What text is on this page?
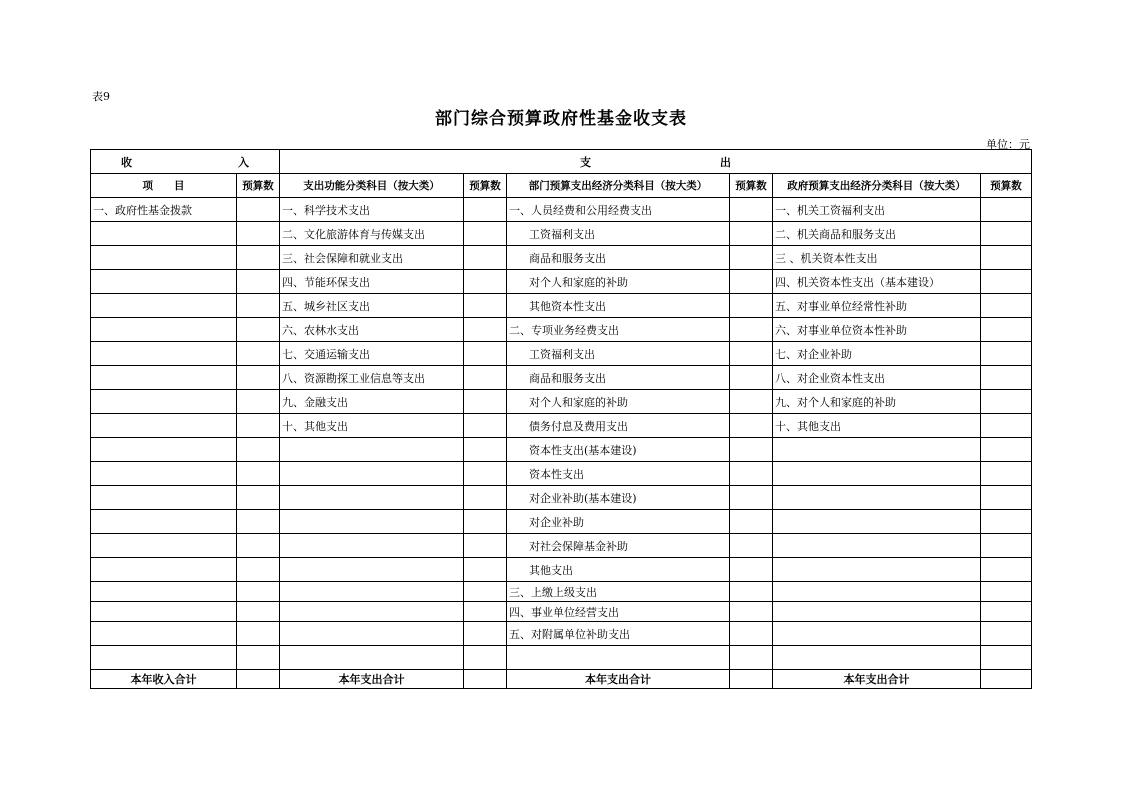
表9
部门综合预算政府性基金收支表
单位：元
收 入		支 出					

项　　目	预算数	支出功能分类科目（按大类）	预算数	部门预算支出经济分类科目（按大类）	预算数	政府预算支出经济分类科目（按大类）	预算数
一、政府性基金拨款		一、科学技术支出		一、人员经费和公用经费支出		一、机关工资福利支出	
		二、文化旅游体育与传媒支出		工资福利支出		二、机关商品和服务支出	
		三、社会保障和就业支出		商品和服务支出		三 、机关资本性支出	
		四、节能环保支出		对个人和家庭的补助		四、机关资本性支出（基本建设）	
		五、城乡社区支出		其他资本性支出		五、对事业单位经常性补助	
		六、农林水支出		二、专项业务经费支出		六、对事业单位资本性补助	
		七、交通运输支出		工资福利支出		七、对企业补助	
		八、资源勘探工业信息等支出		商品和服务支出		八、对企业资本性支出	
		九、金融支出		对个人和家庭的补助		九、对个人和家庭的补助	
		十、其他支出		债务付息及费用支出		十、其他支出	
				资本性支出(基本建设)			
				资本性支出			
				对企业补助(基本建设)			
				对企业补助			
				对社会保障基金补助			
				其他支出			
				三、上缴上级支出			
				四、事业单位经营支出			
				五、对附属单位补助支出			

本年收入合计		本年支出合计		本年支出合计		本年支出合计	
